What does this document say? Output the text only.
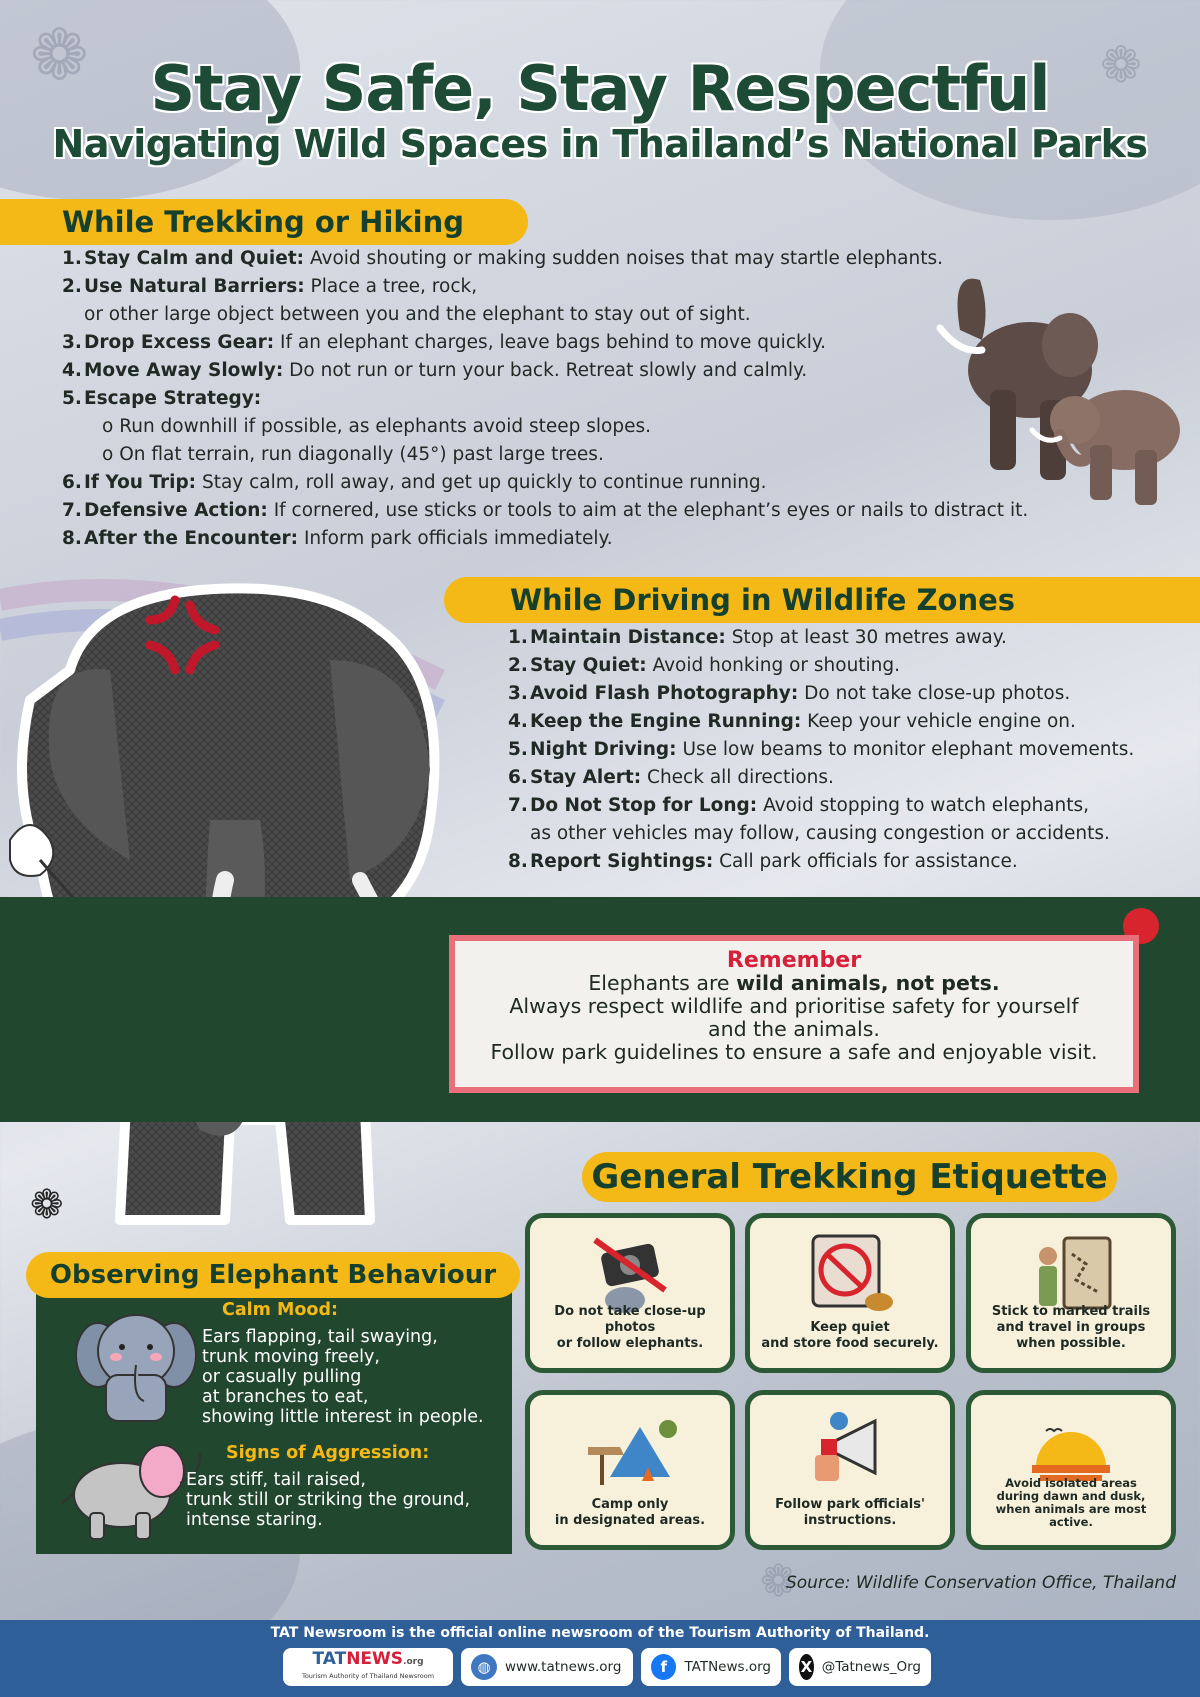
❁	❁
❁
❁
Stay Safe, Stay Respectful
Navigating Wild Spaces in Thailand’s National Parks
While Trekking or Hiking
1. Stay Calm and Quiet: Avoid shouting or making sudden noises that may startle elephants.
2. Use Natural Barriers: Place a tree, rock,
or other large object between you and the elephant to stay out of sight.
3. Drop Excess Gear: If an elephant charges, leave bags behind to move quickly.
4. Move Away Slowly: Do not run or turn your back. Retreat slowly and calmly.
5. Escape Strategy:
o Run downhill if possible, as elephants avoid steep slopes.
o On flat terrain, run diagonally (45°) past large trees.
6. If You Trip: Stay calm, roll away, and get up quickly to continue running.
7. Defensive Action: If cornered, use sticks or tools to aim at the elephant’s eyes or nails to distract it.
8. After the Encounter: Inform park officials immediately.
While Driving in Wildlife Zones
1. Maintain Distance: Stop at least 30 metres away.
2. Stay Quiet: Avoid honking or shouting.
3. Avoid Flash Photography: Do not take close-up photos.
4. Keep the Engine Running: Keep your vehicle engine on.
5. Night Driving: Use low beams to monitor elephant movements.
6. Stay Alert: Check all directions.
7. Do Not Stop for Long: Avoid stopping to watch elephants,
as other vehicles may follow, causing congestion or accidents.
8. Report Sightings: Call park officials for assistance.
Remember
Elephants are wild animals, not pets.
Always respect wildlife and prioritise safety for yourself
and the animals.
Follow park guidelines to ensure a safe and enjoyable visit.
General Trekking Etiquette
Do not take close-up photos
or follow elephants.
Keep quiet
and store food securely.
Stick to marked trails
and travel in groups
when possible.
Camp only
in designated areas.
Follow park officials'
instructions.
Avoid isolated areas
during dawn and dusk,
when animals are most active.
Observing Elephant Behaviour
Calm Mood:
Ears flapping, tail swaying,
trunk moving freely,
or casually pulling
at branches to eat,
showing little interest in people.
Signs of Aggression:
Ears stiff, tail raised,
trunk still or striking the ground,
intense staring.
Source: Wildlife Conservation Office, Thailand
TAT Newsroom is the official online newsroom of the Tourism Authority of Thailand.
TATNEWS.org
Tourism Authority of Thailand Newsroom	◍	www.tatnews.org	f	TATNews.org X @Tatnews_Org
